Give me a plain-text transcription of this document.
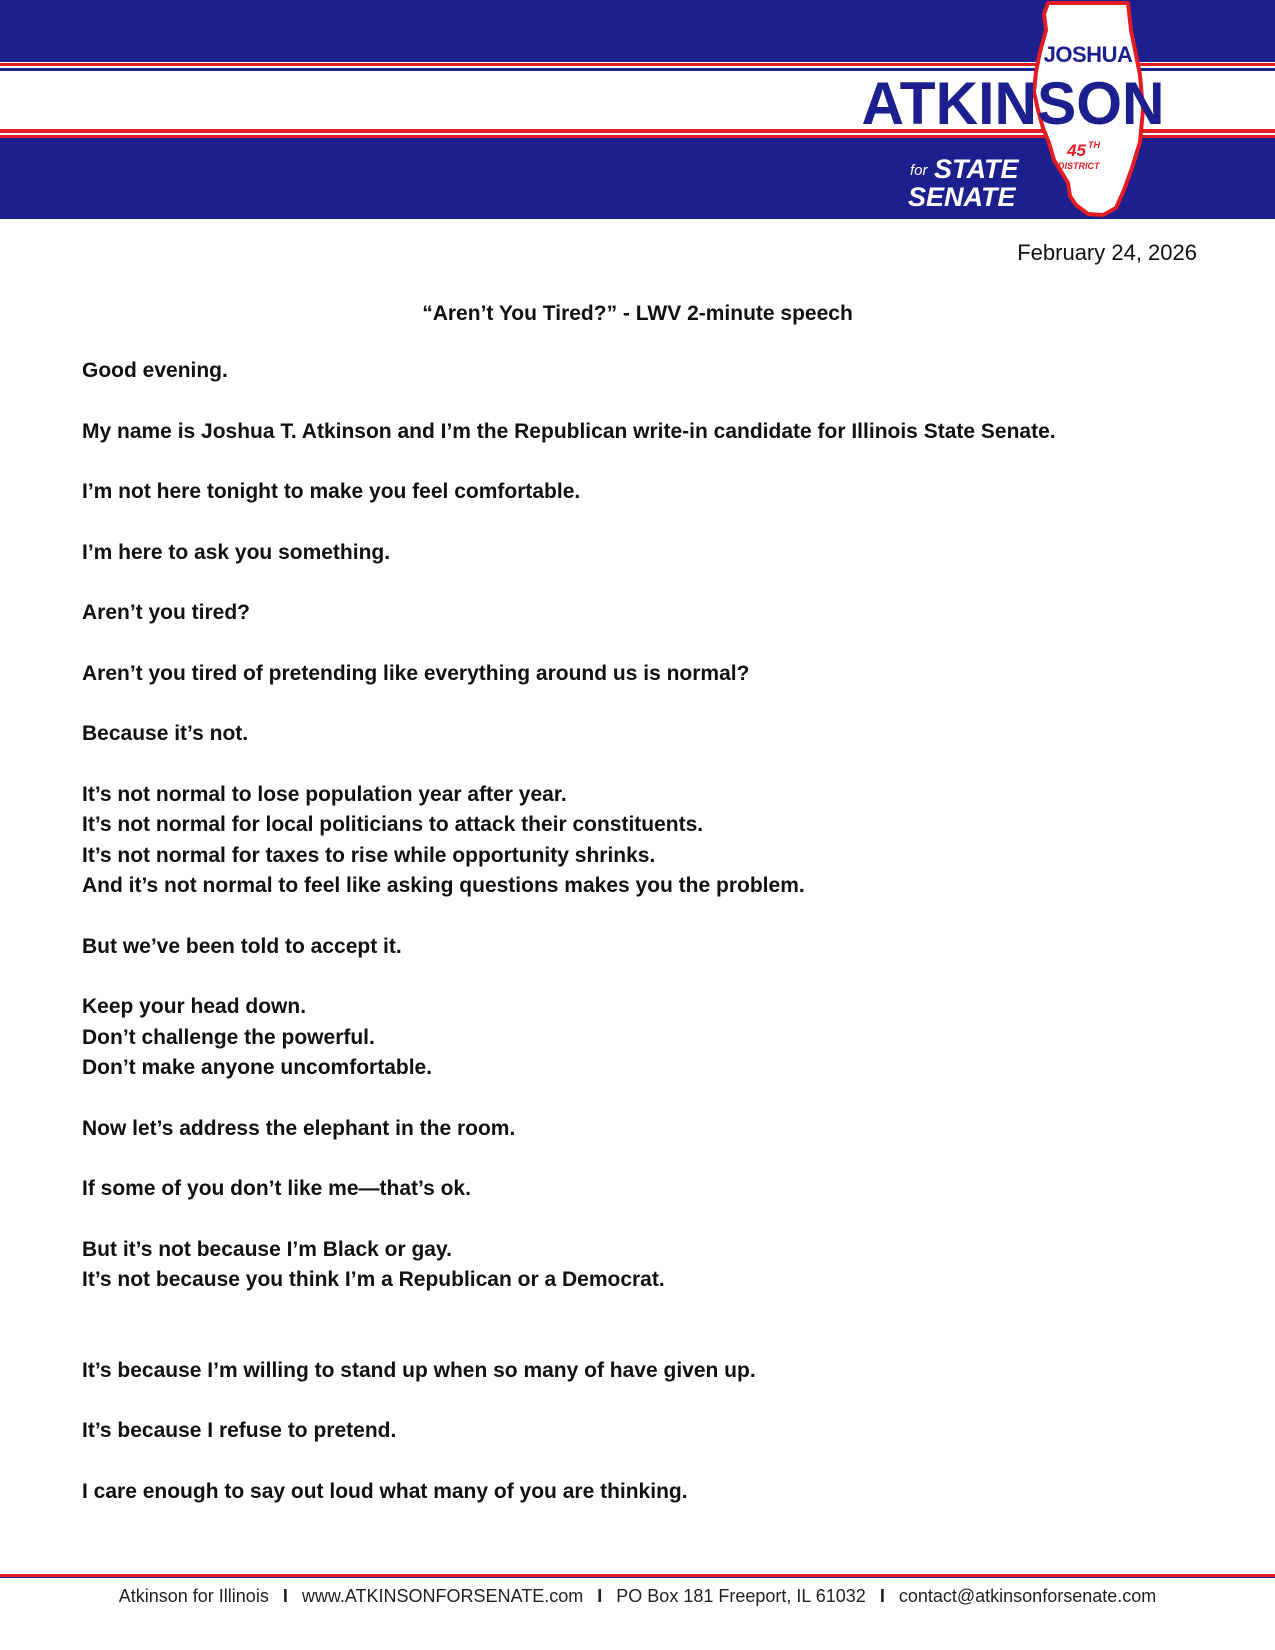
JOSHUA
ATKINSON
for STATE
SENATE
45 TH
DISTRICT
February 24, 2026
“Aren’t You Tired?” - LWV 2-minute speech
Good evening.
My name is Joshua T. Atkinson and I’m the Republican write-in candidate for Illinois State Senate.
I’m not here tonight to make you feel comfortable.
I’m here to ask you something.
Aren’t you tired?
Aren’t you tired of pretending like everything around us is normal?
Because it’s not.
It’s not normal to lose population year after year.
It’s not normal for local politicians to attack their constituents.
It’s not normal for taxes to rise while opportunity shrinks.
And it’s not normal to feel like asking questions makes you the problem.
But we’ve been told to accept it.
Keep your head down.
Don’t challenge the powerful.
Don’t make anyone uncomfortable.
Now let’s address the elephant in the room.
If some of you don’t like me—that’s ok.
But it’s not because I’m Black or gay.
It’s not because you think I’m a Republican or a Democrat.
It’s because I’m willing to stand up when so many of have given up.
It’s because I refuse to pretend.
I care enough to say out loud what many of you are thinking.
Atkinson for Illinois I www.ATKINSONFORSENATE.com I PO Box 181 Freeport, IL 61032 I contact@atkinsonforsenate.com
